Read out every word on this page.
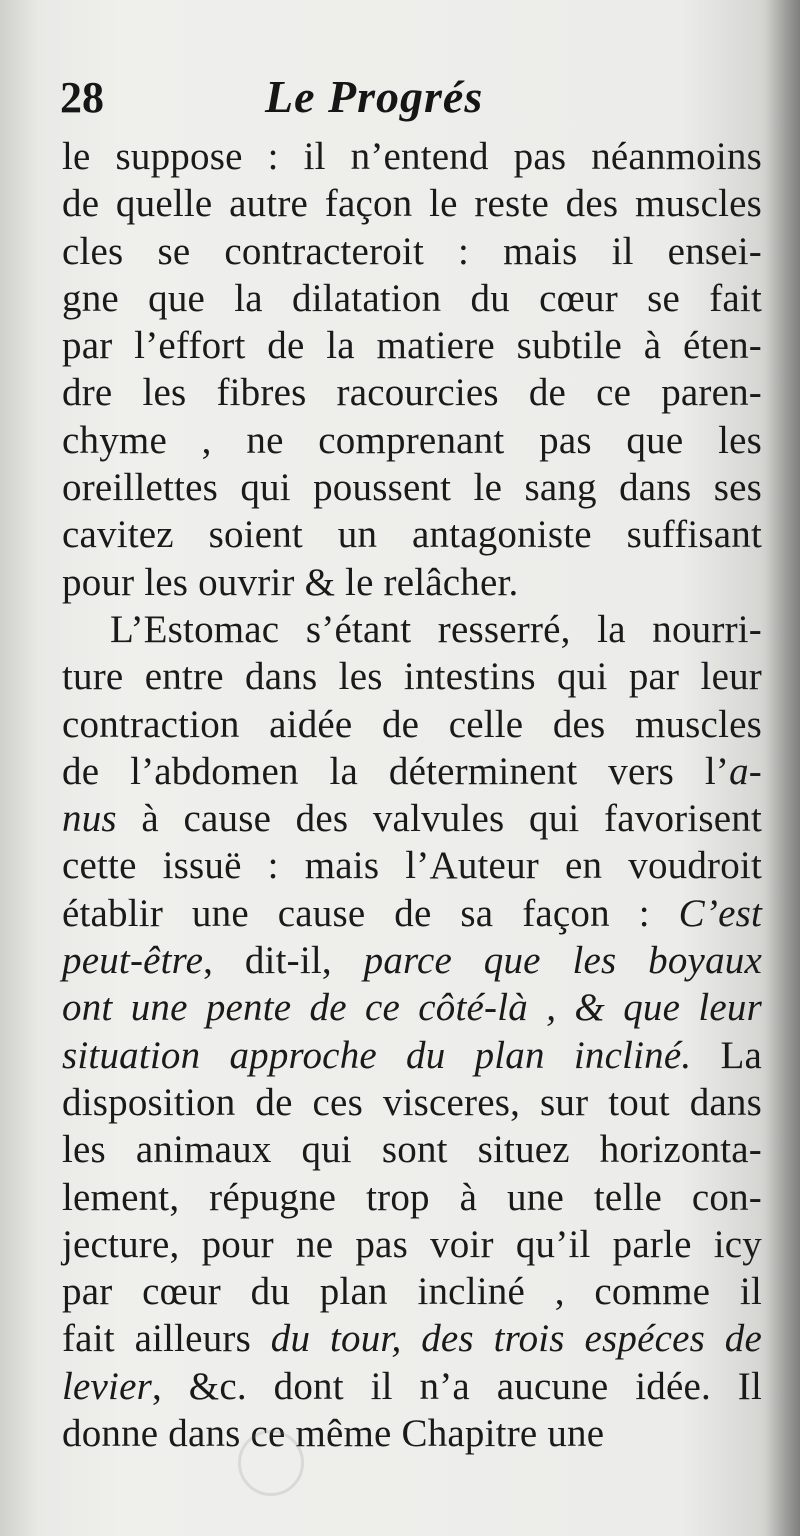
28	Le Progrés
le suppose : il n’entend pas néanmoins
de quelle autre façon le reste des muscles
cles se contracteroit : mais il ensei-
gne que la dilatation du cœur se fait
par l’effort de la matiere subtile à éten-
dre les fibres racourcies de ce paren-
chyme , ne comprenant pas que les
oreillettes qui poussent le sang dans ses
cavitez soient un antagoniste suffisant
pour les ouvrir & le relâcher.
L’Estomac s’étant resserré, la nourri-
ture entre dans les intestins qui par leur
contraction aidée de celle des muscles
de l’abdomen la déterminent vers l’a-
nus à cause des valvules qui favorisent
cette issuë : mais l’Auteur en voudroit
établir une cause de sa façon : C’est
peut-être, dit-il, parce que les boyaux
ont une pente de ce côté-là , & que leur
situation approche du plan incliné. La
disposition de ces visceres, sur tout dans
les animaux qui sont situez horizonta-
lement, répugne trop à une telle con-
jecture, pour ne pas voir qu’il parle icy
par cœur du plan incliné , comme il
fait ailleurs du tour, des trois espéces de
levier, &c. dont il n’a aucune idée. Il
donne dans ce même Chapitre une
